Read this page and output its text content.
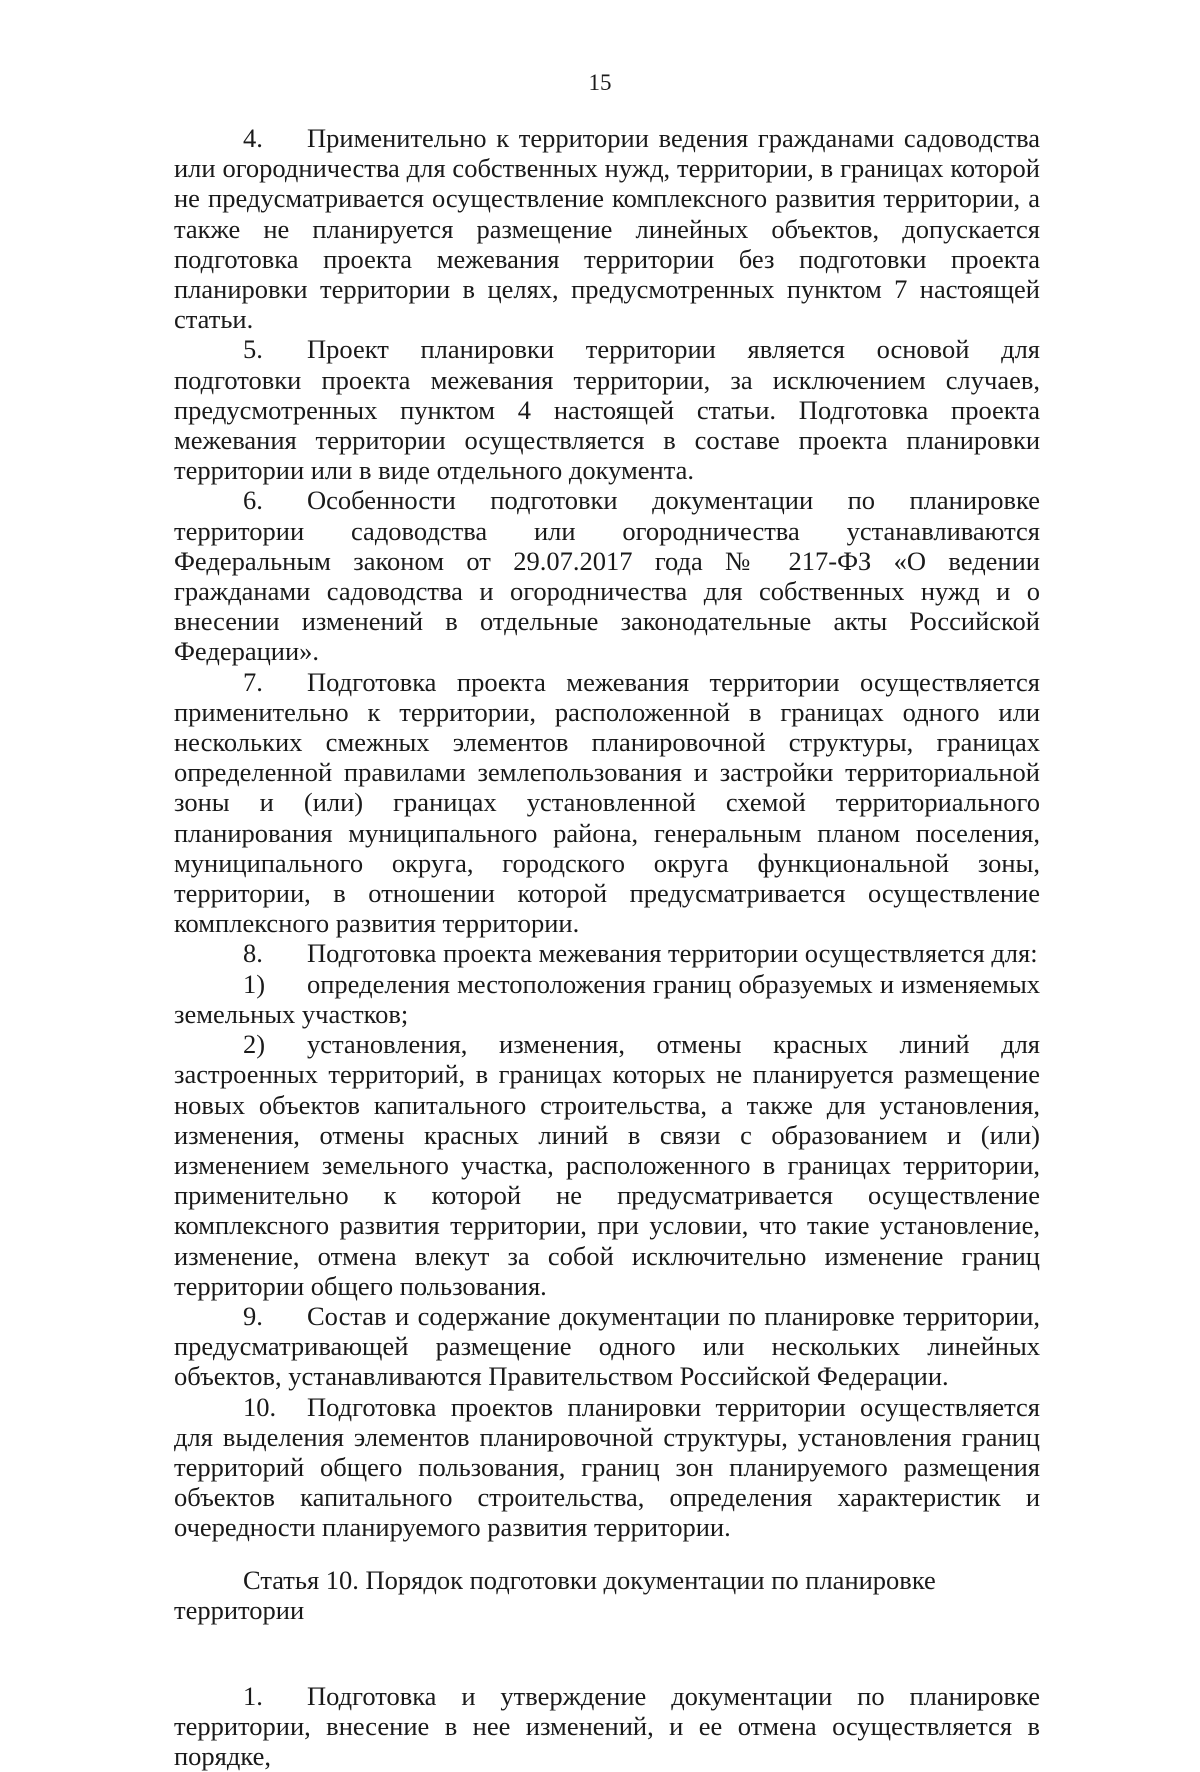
15

4. Применительно к территории ведения гражданами садоводства или огородничества для собственных нужд, территории, в границах которой не предусматривается осуществление комплексного развития территории, а также не планируется размещение линейных объектов, допускается подготовка проекта межевания территории без подготовки проекта планировки территории в целях, предусмотренных пунктом 7 настоящей статьи.

5. Проект планировки территории является основой для подготовки проекта межевания территории, за исключением случаев, предусмотренных пунктом 4 настоящей статьи. Подготовка проекта межевания территории осуществляется в составе проекта планировки территории или в виде отдельного документа.

6. Особенности подготовки документации по планировке территории садоводства или огородничества устанавливаются Федеральным законом от 29.07.2017 года № 217-ФЗ «О ведении гражданами садоводства и огородничества для собственных нужд и о внесении изменений в отдельные законодательные акты Российской Федерации».

7. Подготовка проекта межевания территории осуществляется применительно к территории, расположенной в границах одного или нескольких смежных элементов планировочной структуры, границах определенной правилами землепользования и застройки территориальной зоны и (или) границах установленной схемой территориального планирования муниципального района, генеральным планом поселения, муниципального округа, городского округа функциональной зоны, территории, в отношении которой предусматривается осуществление комплексного развития территории.

8. Подготовка проекта межевания территории осуществляется для:

1) определения местоположения границ образуемых и изменяемых земельных участков;

2) установления, изменения, отмены красных линий для застроенных территорий, в границах которых не планируется размещение новых объектов капитального строительства, а также для установления, изменения, отмены красных линий в связи с образованием и (или) изменением земельного участка, расположенного в границах территории, применительно к которой не предусматривается осуществление комплексного развития территории, при условии, что такие установление, изменение, отмена влекут за собой исключительно изменение границ территории общего пользования.

9. Состав и содержание документации по планировке территории, предусматривающей размещение одного или нескольких линейных объектов, устанавливаются Правительством Российской Федерации.

10. Подготовка проектов планировки территории осуществляется для выделения элементов планировочной структуры, установления границ территорий общего пользования, границ зон планируемого размещения объектов капитального строительства, определения характеристик и очередности планируемого развития территории.

Статья 10. Порядок подготовки документации по планировке территории

1. Подготовка и утверждение документации по планировке территории, внесение в нее изменений, и ее отмена осуществляется в порядке,
